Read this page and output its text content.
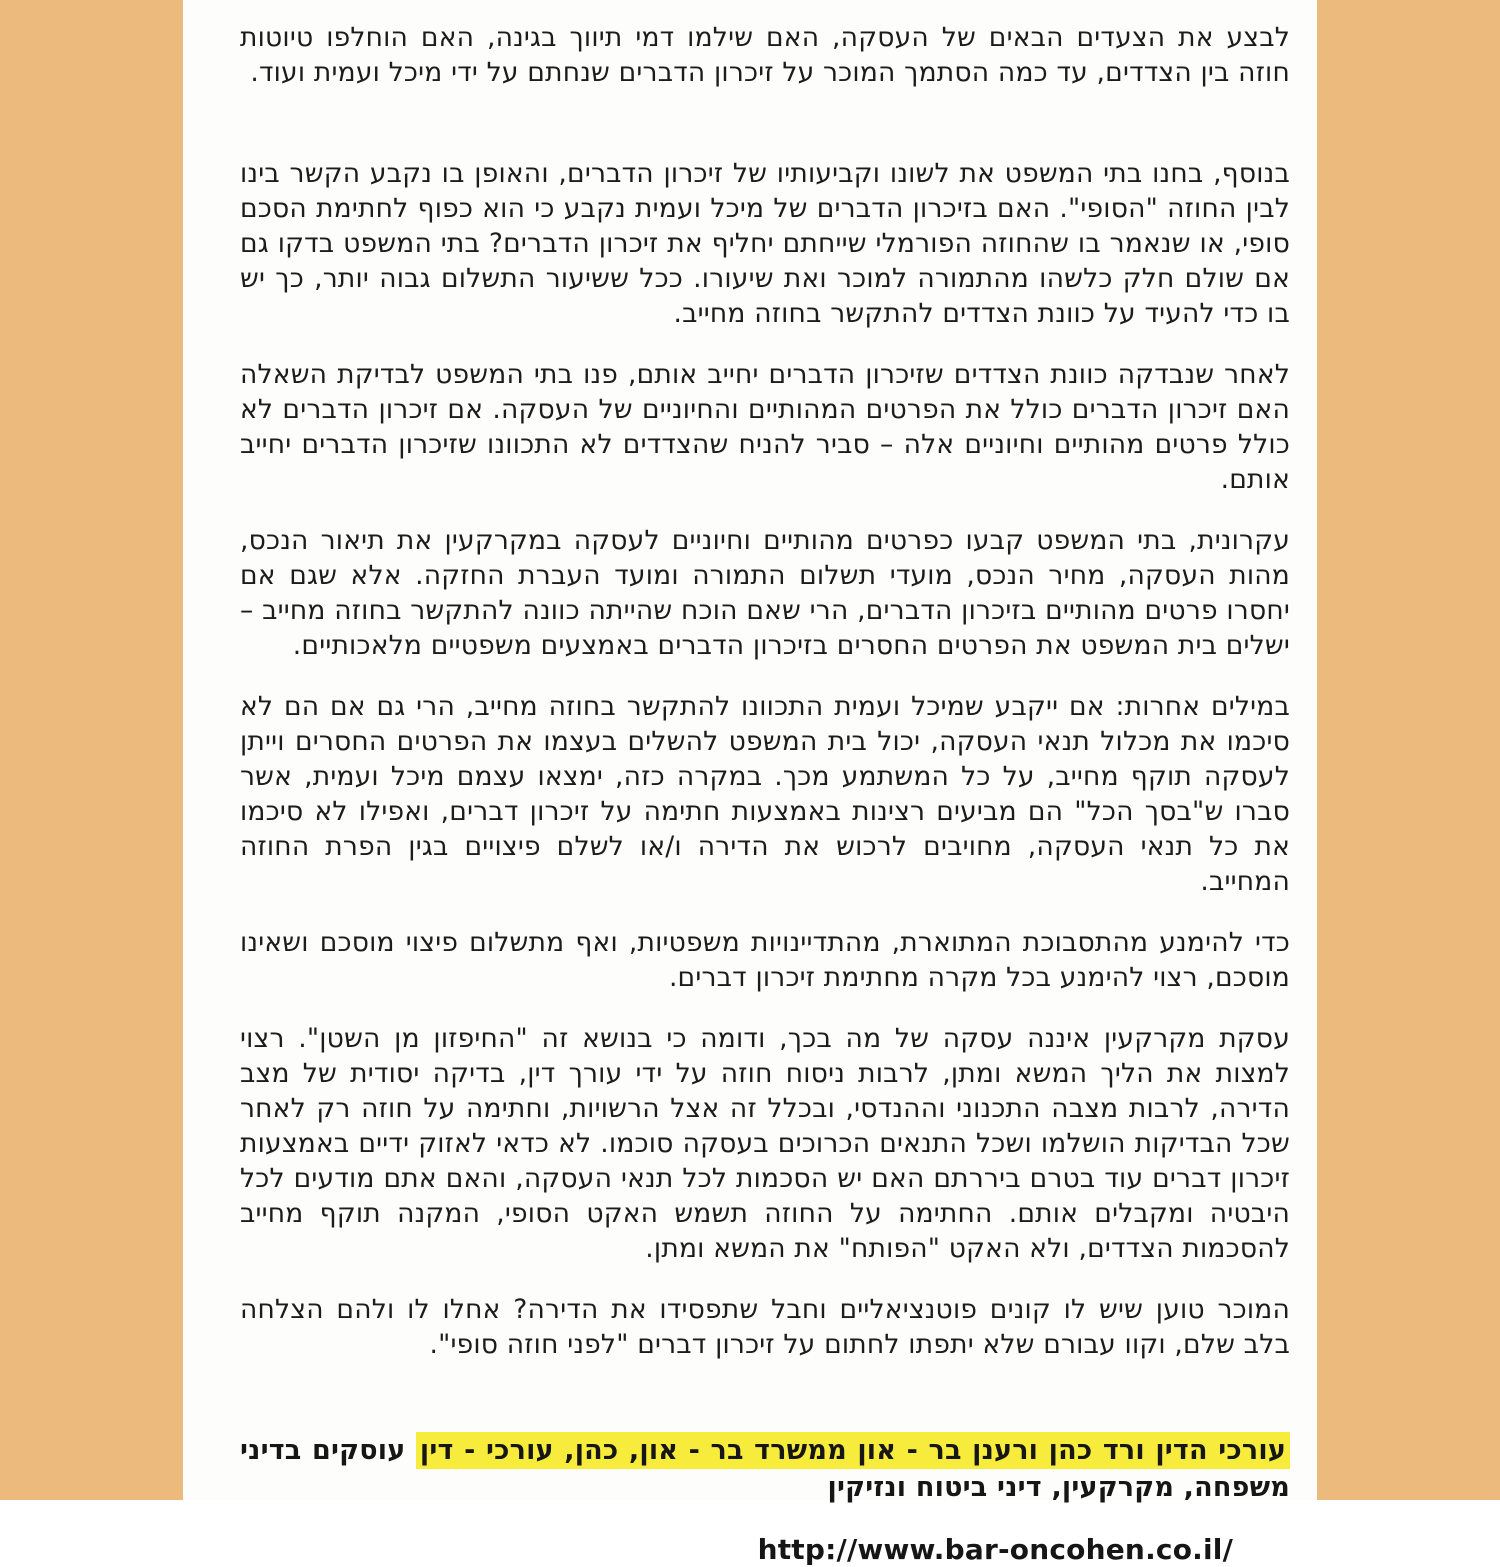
לבצע את הצעדים הבאים של העסקה, האם שילמו דמי תיווך בגינה, האם הוחלפו טיוטות חוזה בין הצדדים, עד כמה הסתמך המוכר על זיכרון הדברים שנחתם על ידי מיכל ועמית ועוד.

בנוסף, בחנו בתי המשפט את לשונו וקביעותיו של זיכרון הדברים, והאופן בו נקבע הקשר בינו לבין החוזה "הסופי". האם בזיכרון הדברים של מיכל ועמית נקבע כי הוא כפוף לחתימת הסכם סופי, או שנאמר בו שהחוזה הפורמלי שייחתם יחליף את זיכרון הדברים? בתי המשפט בדקו גם אם שולם חלק כלשהו מהתמורה למוכר ואת שיעורו. ככל ששיעור התשלום גבוה יותר, כך יש בו כדי להעיד על כוונת הצדדים להתקשר בחוזה מחייב.

לאחר שנבדקה כוונת הצדדים שזיכרון הדברים יחייב אותם, פנו בתי המשפט לבדיקת השאלה האם זיכרון הדברים כולל את הפרטים המהותיים והחיוניים של העסקה. אם זיכרון הדברים לא כולל פרטים מהותיים וחיוניים אלה – סביר להניח שהצדדים לא התכוונו שזיכרון הדברים יחייב אותם.

עקרונית, בתי המשפט קבעו כפרטים מהותיים וחיוניים לעסקה במקרקעין את תיאור הנכס, מהות העסקה, מחיר הנכס, מועדי תשלום התמורה ומועד העברת החזקה. אלא שגם אם יחסרו פרטים מהותיים בזיכרון הדברים, הרי שאם הוכח שהייתה כוונה להתקשר בחוזה מחייב – ישלים בית המשפט את הפרטים החסרים בזיכרון הדברים באמצעים משפטיים מלאכותיים.

במילים אחרות: אם ייקבע שמיכל ועמית התכוונו להתקשר בחוזה מחייב, הרי גם אם הם לא סיכמו את מכלול תנאי העסקה, יכול בית המשפט להשלים בעצמו את הפרטים החסרים וייתן לעסקה תוקף מחייב, על כל המשתמע מכך. במקרה כזה, ימצאו עצמם מיכל ועמית, אשר סברו ש"בסך הכל" הם מביעים רצינות באמצעות חתימה על זיכרון דברים, ואפילו לא סיכמו את כל תנאי העסקה, מחויבים לרכוש את הדירה ו/או לשלם פיצויים בגין הפרת החוזה המחייב.

כדי להימנע מהתסבוכת המתוארת, מהתדיינויות משפטיות, ואף מתשלום פיצוי מוסכם ושאינו מוסכם, רצוי להימנע בכל מקרה מחתימת זיכרון דברים.

עסקת מקרקעין איננה עסקה של מה בכך, ודומה כי בנושא זה "החיפזון מן השטן". רצוי למצות את הליך המשא ומתן, לרבות ניסוח חוזה על ידי עורך דין, בדיקה יסודית של מצב הדירה, לרבות מצבה התכנוני וההנדסי, ובכלל זה אצל הרשויות, וחתימה על חוזה רק לאחר שכל הבדיקות הושלמו ושכל התנאים הכרוכים בעסקה סוכמו. לא כדאי לאזוק ידיים באמצעות זיכרון דברים עוד בטרם ביררתם האם יש הסכמות לכל תנאי העסקה, והאם אתם מודעים לכל היבטיה ומקבלים אותם. החתימה על החוזה תשמש האקט הסופי, המקנה תוקף מחייב להסכמות הצדדים, ולא האקט "הפותח" את המשא ומתן.

המוכר טוען שיש לו קונים פוטנציאליים וחבל שתפסידו את הדירה? אחלו לו ולהם הצלחה בלב שלם, וקוו עבורם שלא יתפתו לחתום על זיכרון דברים "לפני חוזה סופי".

עורכי הדין ורד כהן ורענן בר - און ממשרד בר - און, כהן, עורכי - דין עוסקים בדיני משפחה, מקרקעין, דיני ביטוח ונזיקין

http://www.bar-oncohen.co.il/
